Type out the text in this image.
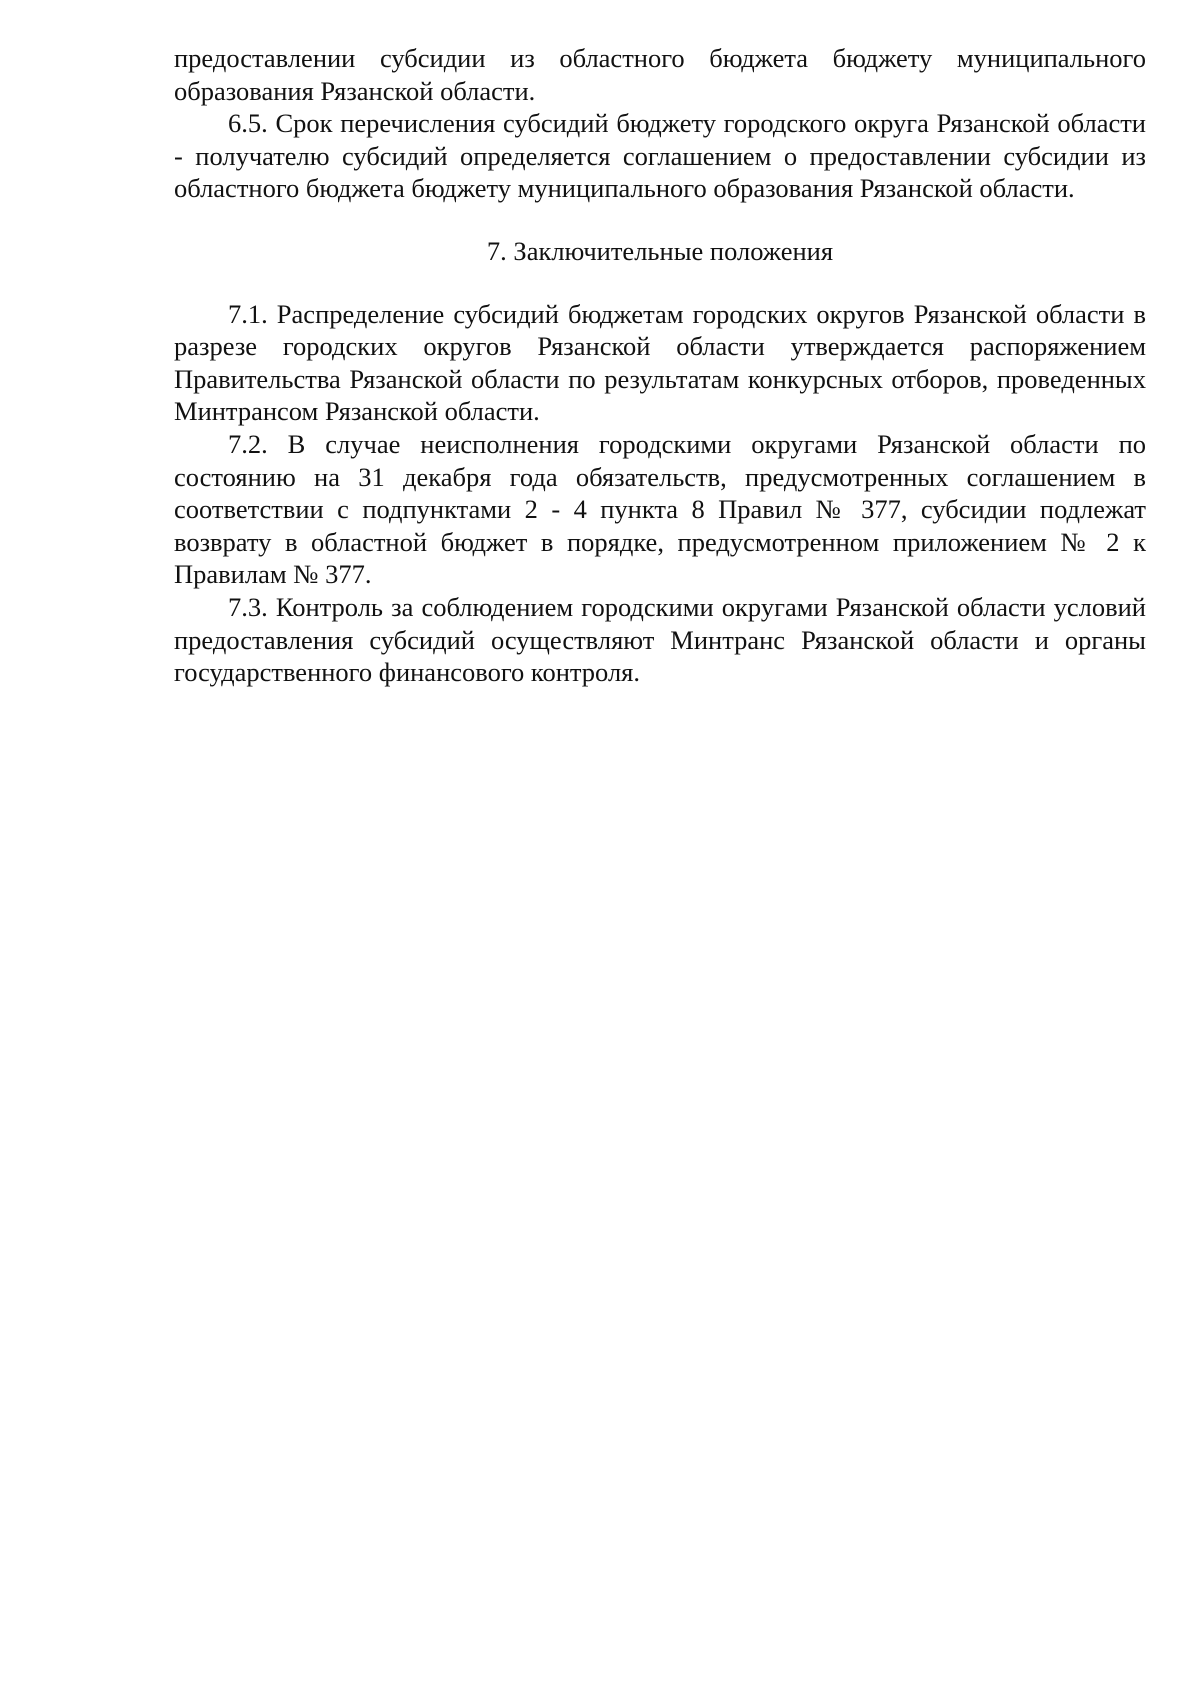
предоставлении субсидии из областного бюджета бюджету муниципального образования Рязанской области.

6.5. Срок перечисления субсидий бюджету городского округа Рязанской области - получателю субсидий определяется соглашением о предоставлении субсидии из областного бюджета бюджету муниципального образования Рязанской области.

7. Заключительные положения

7.1. Распределение субсидий бюджетам городских округов Рязанской области в разрезе городских округов Рязанской области утверждается распоряжением Правительства Рязанской области по результатам конкурсных отборов, проведенных Минтрансом Рязанской области.

7.2. В случае неисполнения городскими округами Рязанской области по состоянию на 31 декабря года обязательств, предусмотренных соглашением в соответствии с подпунктами 2 - 4 пункта 8 Правил № 377, субсидии подлежат возврату в областной бюджет в порядке, предусмотренном приложением № 2 к Правилам № 377.

7.3. Контроль за соблюдением городскими округами Рязанской области условий предоставления субсидий осуществляют Минтранс Рязанской области и органы государственного финансового контроля.
